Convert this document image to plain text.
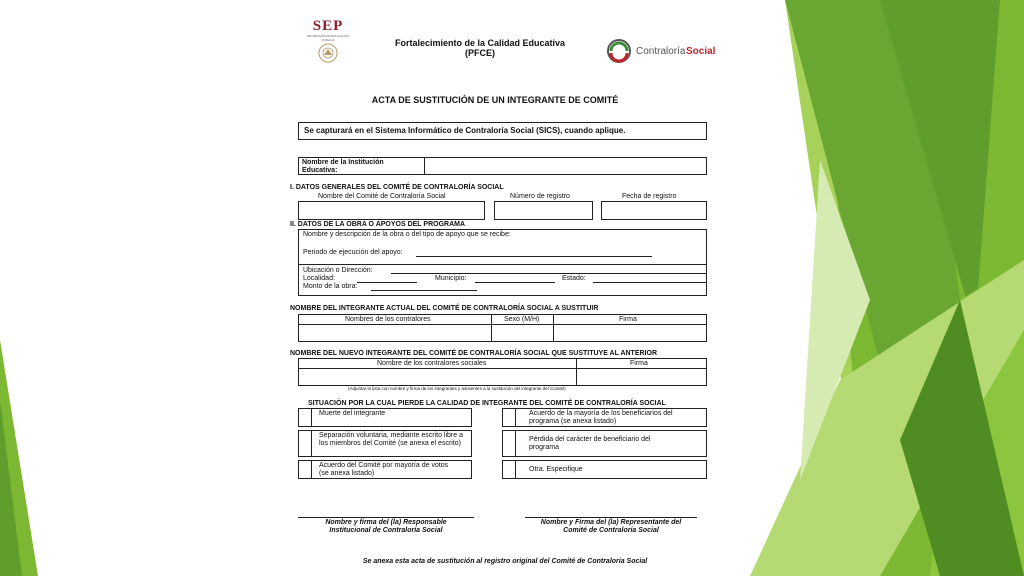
SEP
SECRETARÍA DE EDUCACIÓN PÚBLICA	Fortalecimiento de la Calidad Educativa
(PFCE)	Contraloría Social
ACTA DE SUSTITUCIÓN DE UN INTEGRANTE DE COMITÉ
Se capturará en el Sistema Informático de Contraloría Social (SICS), cuando aplique.
Nombre de la Institución
Educativa:
I. DATOS GENERALES DEL COMITÉ DE CONTRALORÍA SOCIAL
Nombre del Comité de Contraloría Social	Número de registro	Fecha de registro
II. DATOS DE LA OBRA O APOYOS DEL PROGRAMA
Nombre y descripción de la obra o del tipo de apoyo que se recibe:
Periodo de ejecución del apoyo:
Ubicación o Dirección:
Localidad:	Municipio:	Estado:
Monto de la obra:
NOMBRE DEL INTEGRANTE ACTUAL DEL COMITÉ DE CONTRALORÍA SOCIAL A SUSTITUIR
Nombres de los contralores	Sexo (M/H)	Firma
NOMBRE DEL NUEVO INTEGRANTE DEL COMITÉ DE CONTRALORÍA SOCIAL QUE SUSTITUYE AL ANTERIOR
Nombre de los contralores sociales	Firma
(Adjuntar la lista con nombre y firma de los integrantes y asistentes a la sustitución del integrante del Comité)
SITUACIÓN POR LA CUAL PIERDE LA CALIDAD DE INTEGRANTE DEL COMITÉ DE CONTRALORÍA SOCIAL
Muerte del integrante	Acuerdo de la mayoría de los beneficiarios del programa (se anexa listado)
Separación voluntaria, mediante escrito libre a los miembros del Comité (se anexa el escrito)
Pérdida del carácter de beneficiario del programa
Acuerdo del Comité por mayoría de votos (se anexa listado)
Otra. Especifique
Nombre y firma del (la) Responsable
Institucional de Contraloría Social
Nombre y Firma del (la) Representante del
Comité de Contraloría Social
Se anexa esta acta de sustitución al registro original del Comité de Contraloría Social
